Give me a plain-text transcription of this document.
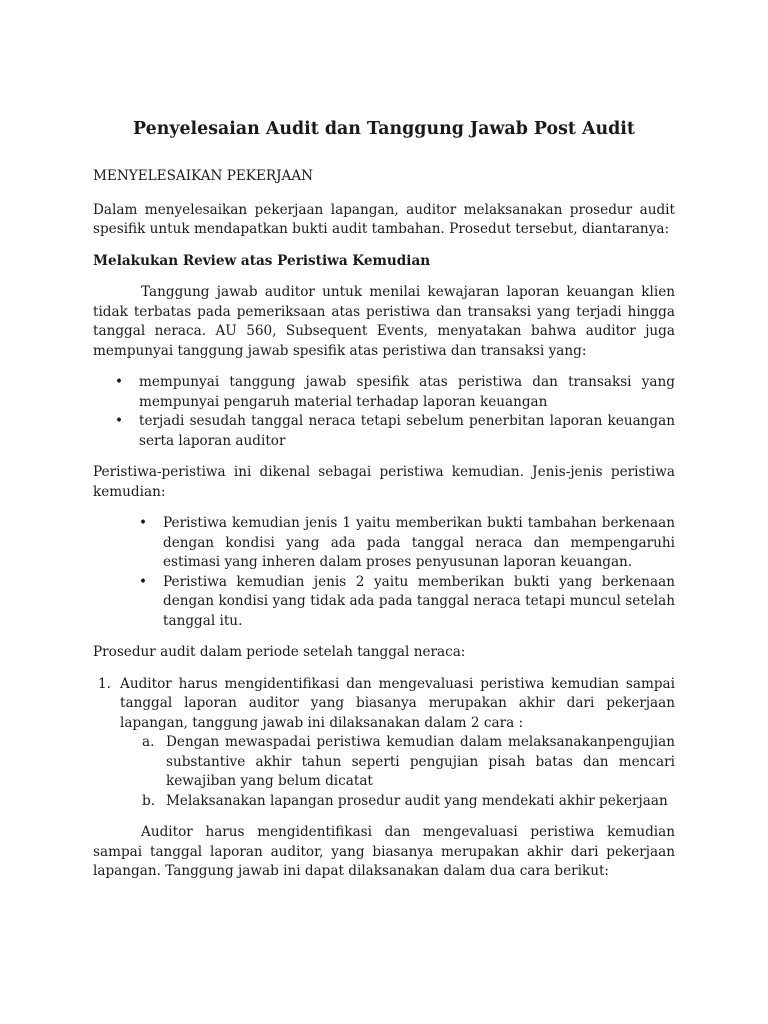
Penyelesaian Audit dan Tanggung Jawab Post Audit
MENYELESAIKAN PEKERJAAN

Dalam menyelesaikan pekerjaan lapangan, auditor melaksanakan prosedur audit spesifik untuk mendapatkan bukti audit tambahan. Prosedut tersebut, diantaranya:

Melakukan Review atas Peristiwa Kemudian

Tanggung jawab auditor untuk menilai kewajaran laporan keuangan klien tidak terbatas pada pemeriksaan atas peristiwa dan transaksi yang terjadi hingga tanggal neraca. AU 560, Subsequent Events, menyatakan bahwa auditor juga mempunyai tanggung jawab spesifik atas peristiwa dan transaksi yang:

• mempunyai tanggung jawab spesifik atas peristiwa dan transaksi yang mempunyai pengaruh material terhadap laporan keuangan
• terjadi sesudah tanggal neraca tetapi sebelum penerbitan laporan keuangan serta laporan auditor

Peristiwa-peristiwa ini dikenal sebagai peristiwa kemudian. Jenis-jenis peristiwa kemudian:

• Peristiwa kemudian jenis 1 yaitu memberikan bukti tambahan berkenaan dengan kondisi yang ada pada tanggal neraca dan mempengaruhi estimasi yang inheren dalam proses penyusunan laporan keuangan.
• Peristiwa kemudian jenis 2 yaitu memberikan bukti yang berkenaan dengan kondisi yang tidak ada pada tanggal neraca tetapi muncul setelah tanggal itu.

Prosedur audit dalam periode setelah tanggal neraca:

1. Auditor harus mengidentifikasi dan mengevaluasi peristiwa kemudian sampai tanggal laporan auditor yang biasanya merupakan akhir dari pekerjaan lapangan, tanggung jawab ini dilaksanakan dalam 2 cara :
a. Dengan mewaspadai peristiwa kemudian dalam melaksanakanpengujian substantive akhir tahun seperti pengujian pisah batas dan mencari kewajiban yang belum dicatat
b. Melaksanakan lapangan prosedur audit yang mendekati akhir pekerjaan

Auditor harus mengidentifikasi dan mengevaluasi peristiwa kemudian sampai tanggal laporan auditor, yang biasanya merupakan akhir dari pekerjaan lapangan. Tanggung jawab ini dapat dilaksanakan dalam dua cara berikut:
